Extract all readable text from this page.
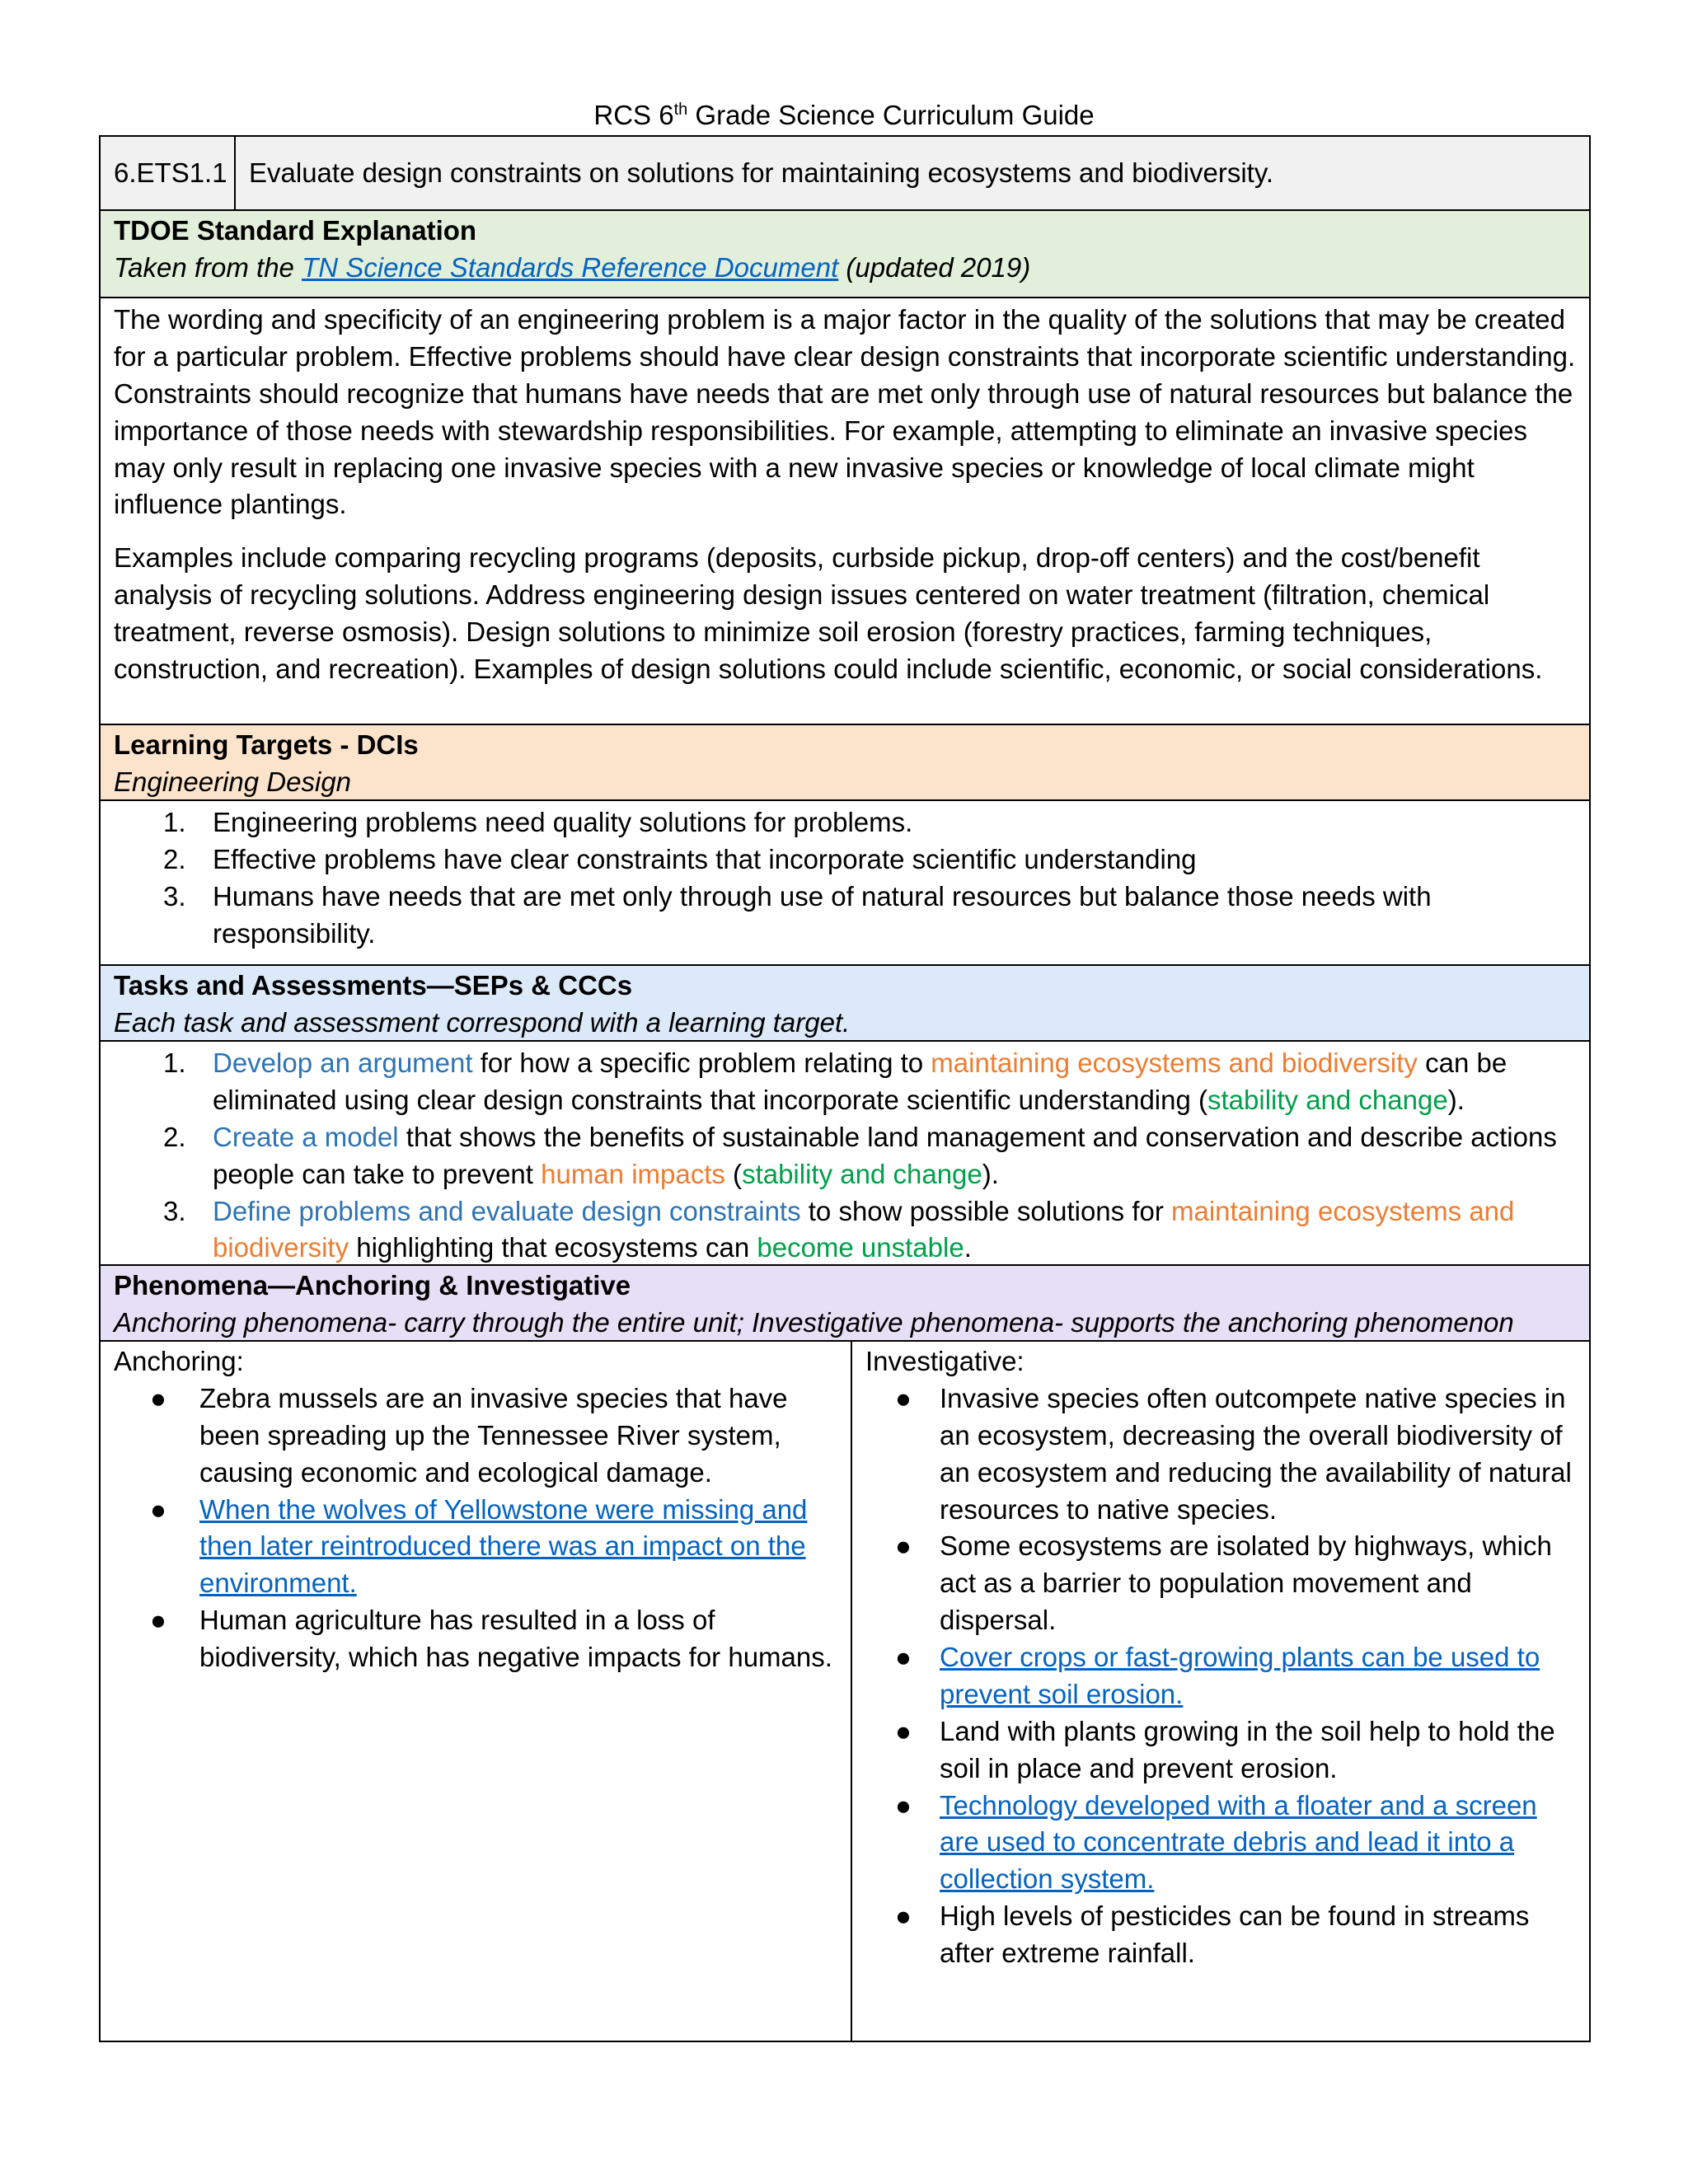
RCS 6th Grade Science Curriculum Guide
6.ETS1.1 Evaluate design constraints on solutions for maintaining ecosystems and biodiversity.
TDOE Standard Explanation
Taken from the TN Science Standards Reference Document (updated 2019)

The wording and specificity of an engineering problem is a major factor in the quality of the solutions that may be created for a particular problem. Effective problems should have clear design constraints that incorporate scientific understanding. Constraints should recognize that humans have needs that are met only through use of natural resources but balance the importance of those needs with stewardship responsibilities. For example, attempting to eliminate an invasive species may only result in replacing one invasive species with a new invasive species or knowledge of local climate might influence plantings.

Examples include comparing recycling programs (deposits, curbside pickup, drop-off centers) and the cost/benefit analysis of recycling solutions. Address engineering design issues centered on water treatment (filtration, chemical treatment, reverse osmosis). Design solutions to minimize soil erosion (forestry practices, farming techniques, construction, and recreation). Examples of design solutions could include scientific, economic, or social considerations.

Learning Targets - DCIs
Engineering Design
1. Engineering problems need quality solutions for problems.
2. Effective problems have clear constraints that incorporate scientific understanding
3. Humans have needs that are met only through use of natural resources but balance those needs with responsibility.
Tasks and Assessments—SEPs & CCCs
Each task and assessment correspond with a learning target.
1. Develop an argument for how a specific problem relating to maintaining ecosystems and biodiversity can be eliminated using clear design constraints that incorporate scientific understanding (stability and change).
2. Create a model that shows the benefits of sustainable land management and conservation and describe actions people can take to prevent human impacts (stability and change).
3. Define problems and evaluate design constraints to show possible solutions for maintaining ecosystems and biodiversity highlighting that ecosystems can become unstable.
Phenomena—Anchoring & Investigative
Anchoring phenomena- carry through the entire unit; Investigative phenomena- supports the anchoring phenomenon
Anchoring:
● Zebra mussels are an invasive species that have been spreading up the Tennessee River system, causing economic and ecological damage.
● When the wolves of Yellowstone were missing and then later reintroduced there was an impact on the environment.
● Human agriculture has resulted in a loss of biodiversity, which has negative impacts for humans.
Investigative:
● Invasive species often outcompete native species in an ecosystem, decreasing the overall biodiversity of an ecosystem and reducing the availability of natural resources to native species.
● Some ecosystems are isolated by highways, which act as a barrier to population movement and dispersal.
● Cover crops or fast-growing plants can be used to prevent soil erosion.
● Land with plants growing in the soil help to hold the soil in place and prevent erosion.
● Technology developed with a floater and a screen are used to concentrate debris and lead it into a collection system.
● High levels of pesticides can be found in streams after extreme rainfall.
